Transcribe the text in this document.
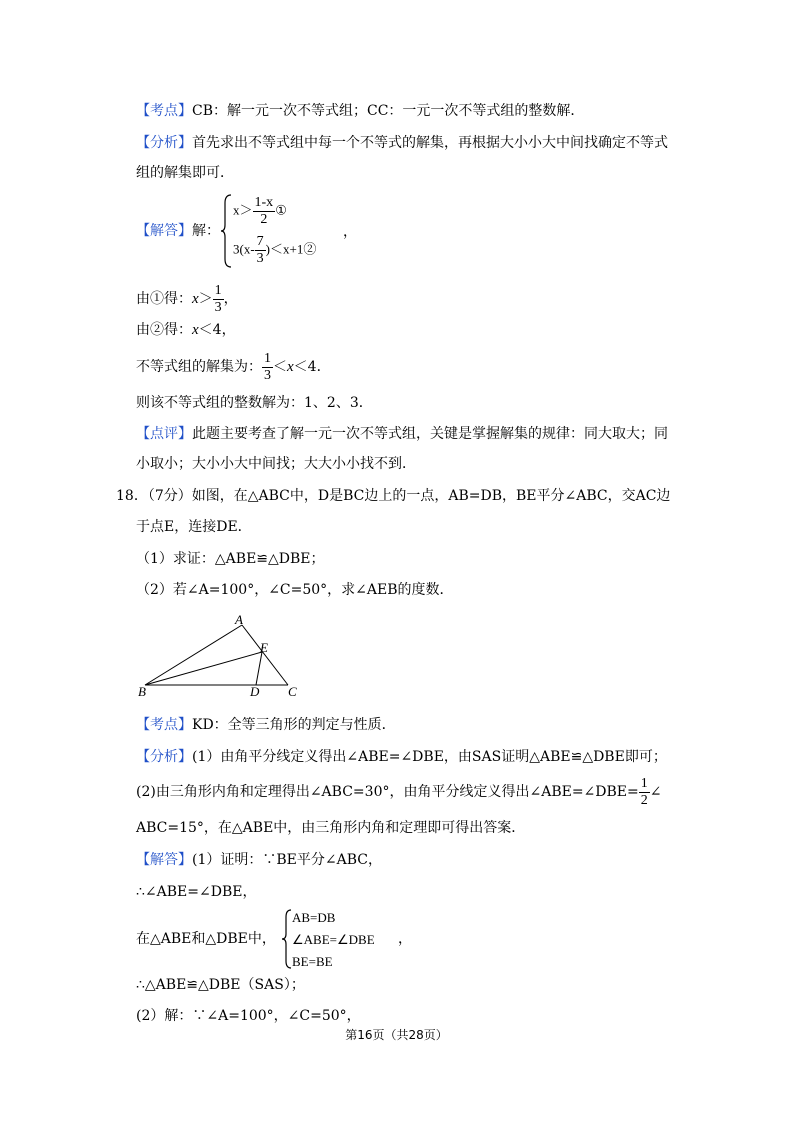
【考点】CB：解一元一次不等式组；CC：一元一次不等式组的整数解．
【分析】首先求出不等式组中每一个不等式的解集，再根据大小小大中间找确定不等式
组的解集即可．
【解答】解：
$x> \frac{1-x}{2}$ ①
$3(x- \frac{7}{3}$ )＜x+1②
，
由①得：$x> \frac{1}{3}$ ，
由②得：x＜4，
不等式组的解集为： $\frac{1}{3} <x<4$．
则该不等式组的整数解为：1、2、3．
【点评】此题主要考查了解一元一次不等式组，关键是掌握解集的规律：同大取大；同
小取小；大小小大中间找；大大小小找不到．
18．（7分）如图，在△ABC中，D是BC边上的一点，AB=DB，BE平分∠ABC，交AC边
于点E，连接DE．
（1）求证：△ABE≌△DBE；
（2）若∠A=100°，∠C=50°，求∠AEB的度数．
A
B	C
D
E
【考点】KD：全等三角形的判定与性质．
【分析】(1）由角平分线定义得出∠ABE=∠DBE，由SAS证明△ABE≌△DBE即可；
(2)由三角形内角和定理得出∠ABC=30°，由角平分线定义得出∠ABE=∠DBE= $\frac{1}{2}$ ∠
ABC=15°，在△ABE中，由三角形内角和定理即可得出答案．
【解答】(1）证明：∵BE平分∠ABC，
∴∠ABE=∠DBE，
在△ABE和△DBE中，
AB=DB
∠ABE=∠DBE
BE=BE
，
∴△ABE≌△DBE（SAS）；
(2）解：∵∠A=100°，∠C=50°，
第16页（共28页）
